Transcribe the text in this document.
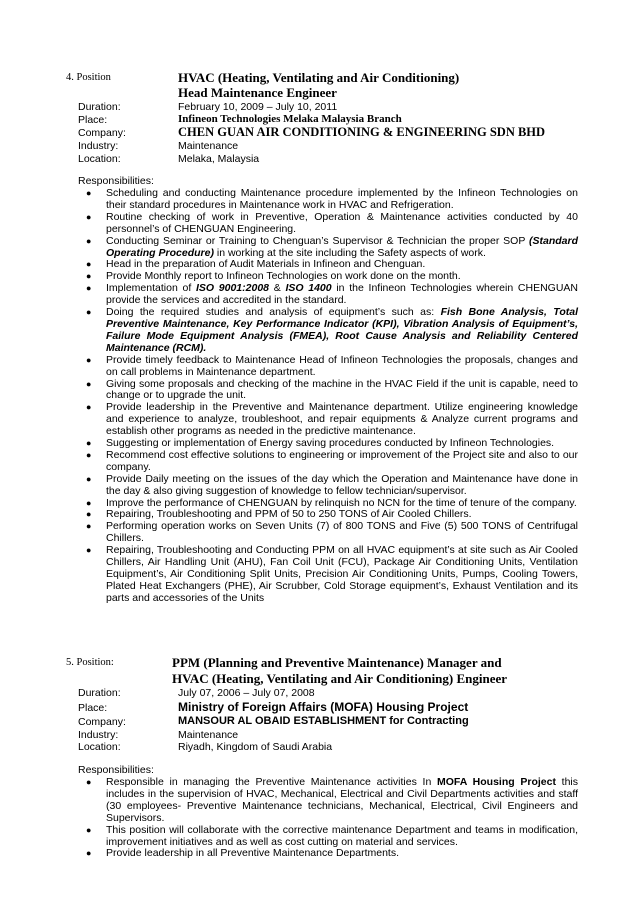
4. Position	HVAC (Heating, Ventilating and Air Conditioning)
Head Maintenance Engineer
Duration:	February 10, 2009 – July 10, 2011
Place:	Infineon Technologies Melaka Malaysia Branch
Company:	CHEN GUAN AIR CONDITIONING & ENGINEERING SDN BHD
Industry:	Maintenance
Location:	Melaka, Malaysia
Responsibilities:
● Scheduling and conducting Maintenance procedure implemented by the Infineon Technologies on their standard procedures in Maintenance work in HVAC and Refrigeration.
● Routine checking of work in Preventive, Operation & Maintenance activities conducted by 40 personnel’s of CHENGUAN Engineering.
● Conducting Seminar or Training to Chenguan’s Supervisor & Technician the proper SOP (Standard Operating Procedure) in working at the site including the Safety aspects of work.
● Head in the preparation of Audit Materials in Infineon and Chenguan.
● Provide Monthly report to Infineon Technologies on work done on the month.
● Implementation of ISO 9001:2008 & ISO 1400 in the Infineon Technologies wherein CHENGUAN provide the services and accredited in the standard.
● Doing the required studies and analysis of equipment’s such as: Fish Bone Analysis, Total Preventive Maintenance, Key Performance Indicator (KPI), Vibration Analysis of Equipment’s, Failure Mode Equipment Analysis (FMEA), Root Cause Analysis and Reliability Centered Maintenance (RCM).
● Provide timely feedback to Maintenance Head of Infineon Technologies the proposals, changes and on call problems in Maintenance department.
● Giving some proposals and checking of the machine in the HVAC Field if the unit is capable, need to change or to upgrade the unit.
● Provide leadership in the Preventive and Maintenance department. Utilize engineering knowledge and experience to analyze, troubleshoot, and repair equipments & Analyze current programs and establish other programs as needed in the predictive maintenance.
● Suggesting or implementation of Energy saving procedures conducted by Infineon Technologies.
● Recommend cost effective solutions to engineering or improvement of the Project site and also to our company.
● Provide Daily meeting on the issues of the day which the Operation and Maintenance have done in the day & also giving suggestion of knowledge to fellow technician/supervisor.
● Improve the performance of CHENGUAN by relinquish no NCN for the time of tenure of the company.
● Repairing, Troubleshooting and PPM of 50 to 250 TONS of Air Cooled Chillers.
● Performing operation works on Seven Units (7) of 800 TONS and Five (5) 500 TONS of Centrifugal Chillers.
● Repairing, Troubleshooting and Conducting PPM on all HVAC equipment’s at site such as Air Cooled Chillers, Air Handling Unit (AHU), Fan Coil Unit (FCU), Package Air Conditioning Units, Ventilation Equipment’s, Air Conditioning Split Units, Precision Air Conditioning Units, Pumps, Cooling Towers, Plated Heat Exchangers (PHE), Air Scrubber, Cold Storage equipment’s, Exhaust Ventilation and its parts and accessories of the Units
5. Position:	PPM (Planning and Preventive Maintenance) Manager and
HVAC (Heating, Ventilating and Air Conditioning) Engineer
Duration:	July 07, 2006 – July 07, 2008
Place:	Ministry of Foreign Affairs (MOFA) Housing Project
Company:	MANSOUR AL OBAID ESTABLISHMENT for Contracting
Industry:	Maintenance
Location:	Riyadh, Kingdom of Saudi Arabia
Responsibilities:
● Responsible in managing the Preventive Maintenance activities In MOFA Housing Project this includes in the supervision of HVAC, Mechanical, Electrical and Civil Departments activities and staff (30 employees- Preventive Maintenance technicians, Mechanical, Electrical, Civil Engineers and Supervisors.
● This position will collaborate with the corrective maintenance Department and teams in modification, improvement initiatives and as well as cost cutting on material and services.
● Provide leadership in all Preventive Maintenance Departments.
